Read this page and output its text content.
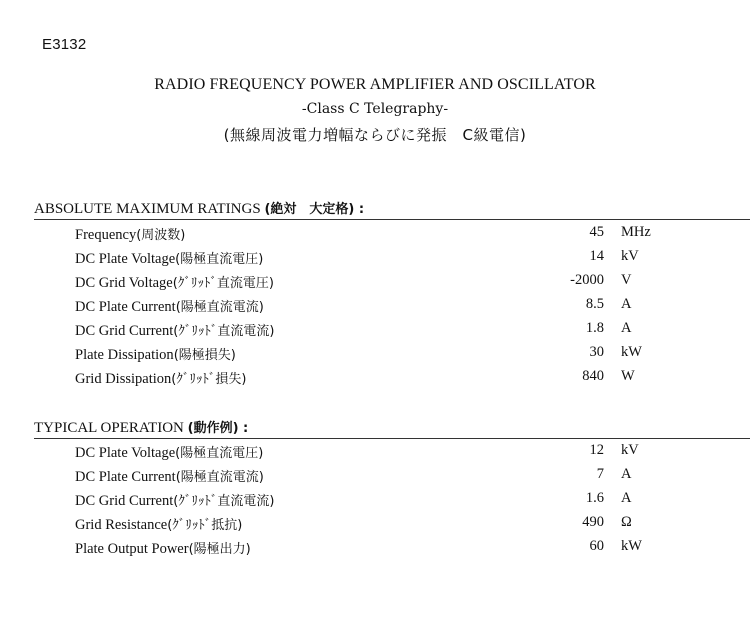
E3132
RADIO FREQUENCY POWER AMPLIFIER AND OSCILLATOR
-Class C Telegraphy-
(無線周波電力増幅ならびに発振　C級電信)
ABSOLUTE MAXIMUM RATINGS (絶対　大定格) :
Frequency(周波数)	45 MHz
DC Plate Voltage(陽極直流電圧)	14 kV
DC Grid Voltage(ｸﾞﾘｯﾄﾞ直流電圧)	-2000 V
DC Plate Current(陽極直流電流)	8.5 A
DC Grid Current(ｸﾞﾘｯﾄﾞ直流電流)	1.8 A
Plate Dissipation(陽極損失)	30 kW
Grid Dissipation(ｸﾞﾘｯﾄﾞ損失)	840 W
TYPICAL OPERATION (動作例) :
DC Plate Voltage(陽極直流電圧)	12 kV
DC Plate Current(陽極直流電流)	7 A
DC Grid Current(ｸﾞﾘｯﾄﾞ直流電流)	1.6 A
Grid Resistance(ｸﾞﾘｯﾄﾞ抵抗)	490 Ω
Plate Output Power(陽極出力)	60 kW
